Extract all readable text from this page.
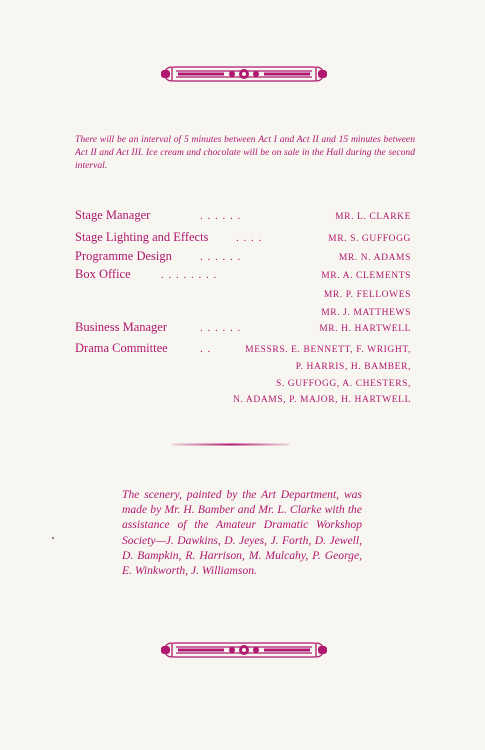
There will be an interval of 5 minutes between Act I and Act II and 15 minutes between Act II and Act III. Ice cream and chocolate will be on sale in the Hall during the second interval.
Stage Manager	. . . . . .	MR. L. CLARKE
Stage Lighting and Effects	. . . .	MR. S. GUFFOGG
Programme Design	. . . . . .	MR. N. ADAMS
Box Office	. . . . . . . .	MR. A. CLEMENTS
MR. P. FELLOWES
MR. J. MATTHEWS
Business Manager	. . . . . .	MR. H. HARTWELL
Drama Committee	. .	MESSRS. E. BENNETT, F. WRIGHT,
P. HARRIS, H. BAMBER,
S. GUFFOGG, A. CHESTERS,
N. ADAMS, P. MAJOR, H. HARTWELL
The scenery, painted by the Art Department, was made by Mr. H. Bamber and Mr. L. Clarke with the assistance of the Amateur Dramatic Workshop Society—J. Dawkins, D. Jeyes, J. Forth, D. Jewell, D. Bampkin, R. Harrison, M. Mulcahy, P. George, E. Winkworth, J. Williamson.
